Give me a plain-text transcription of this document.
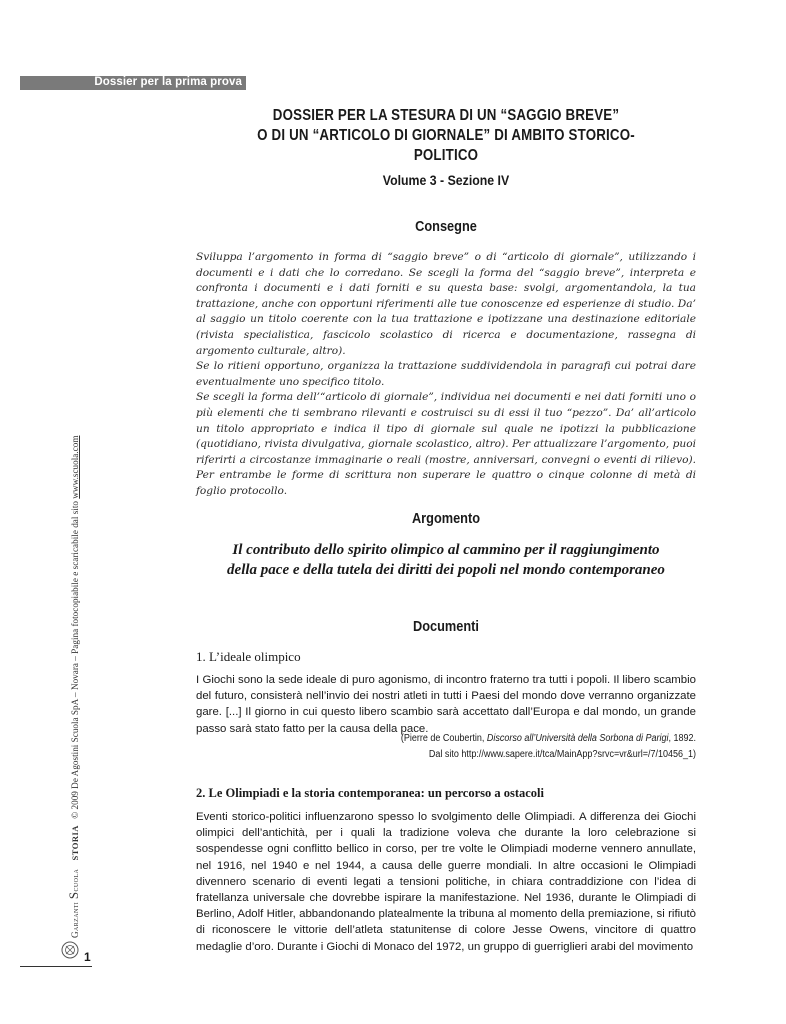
Dossier per la prima prova
DOSSIER PER LA STESURA DI UN “SAGGIO BREVE”
O DI UN “ARTICOLO DI GIORNALE” DI AMBITO STORICO-POLITICO
Volume 3 - Sezione IV
Consegne

Sviluppa l’argomento in forma di “saggio breve” o di “articolo di giornale”, utilizzando i documenti e i dati che lo corredano. Se scegli la forma del “saggio breve”, interpreta e confronta i documenti e i dati forniti e su questa base: svolgi, argomentandola, la tua trattazione, anche con opportuni riferimenti alle tue conoscenze ed esperienze di studio. Da’ al saggio un titolo coerente con la tua trattazione e ipotizzane una destinazione editoriale (rivista specialistica, fascicolo scolastico di ricerca e documentazione, rassegna di argomento culturale, altro).

Se lo ritieni opportuno, organizza la trattazione suddividendola in paragrafi cui potrai dare eventualmente uno specifico titolo.

Se scegli la forma dell’“articolo di giornale”, individua nei documenti e nei dati forniti uno o più elementi che ti sembrano rilevanti e costruisci su di essi il tuo “pezzo”. Da’ all’articolo un titolo appropriato e indica il tipo di giornale sul quale ne ipotizzi la pubblicazione (quotidiano, rivista divulgativa, giornale scolastico, altro). Per attualizzare l’argomento, puoi riferirti a circostanze immaginarie o reali (mostre, anniversari, convegni o eventi di rilievo). Per entrambe le forme di scrittura non superare le quattro o cinque colonne di metà di foglio protocollo.

Argomento
Il contributo dello spirito olimpico al cammino per il raggiungimento
della pace e della tutela dei diritti dei popoli nel mondo contemporaneo
Documenti
1. L’ideale olimpico
I Giochi sono la sede ideale di puro agonismo, di incontro fraterno tra tutti i popoli. Il libero scambio del futuro, consisterà nell’invio dei nostri atleti in tutti i Paesi del mondo dove verranno organizzate gare. [...] Il giorno in cui questo libero scambio sarà accettato dall’Europa e dal mondo, un grande passo sarà stato fatto per la causa della pace.
(Pierre de Coubertin, Discorso all’Università della Sorbona di Parigi, 1892.
Dal sito http://www.sapere.it/tca/MainApp?srvc=vr&url=/7/10456_1)
2. Le Olimpiadi e la storia contemporanea: un percorso a ostacoli
Eventi storico-politici influenzarono spesso lo svolgimento delle Olimpiadi. A differenza dei Giochi olimpici dell’antichità, per i quali la tradizione voleva che durante la loro celebrazione si sospendesse ogni conflitto bellico in corso, per tre volte le Olimpiadi moderne vennero annullate, nel 1916, nel 1940 e nel 1944, a causa delle guerre mondiali. In altre occasioni le Olimpiadi divennero scenario di eventi legati a tensioni politiche, in chiara contraddizione con l’idea di fratellanza universale che dovrebbe ispirare la manifestazione. Nel 1936, durante le Olimpiadi di Berlino, Adolf Hitler, abbandonando platealmente la tribuna al momento della premiazione, si rifiutò di riconoscere le vittorie dell’atleta statunitense di colore Jesse Owens, vincitore di quattro medaglie d’oro. Durante i Giochi di Monaco del 1972, un gruppo di guerriglieri arabi del movimento
Garzanti Scuola STORIA © 2009 De Agostini Scuola SpA – Novara – Pagina fotocopiabile e scaricabile dal sito www.scuola.com
1
